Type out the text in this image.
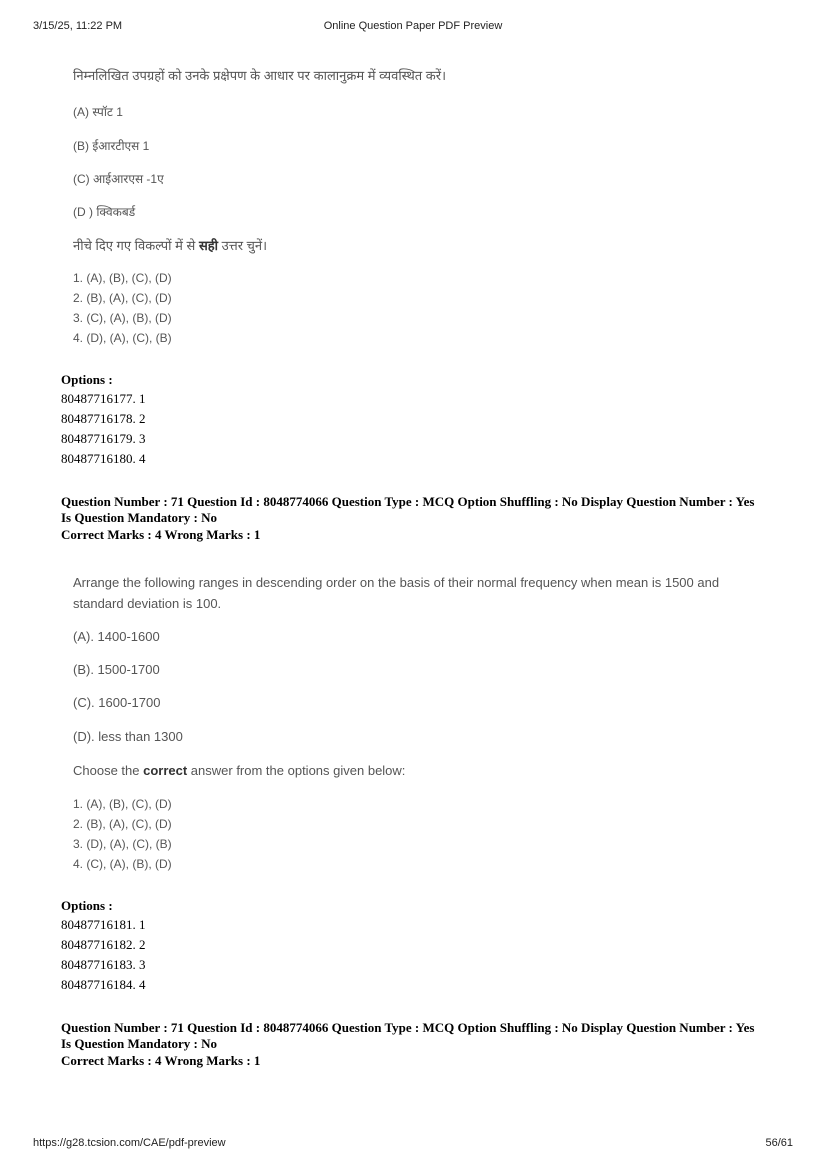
3/15/25, 11:22 PM	Online Question Paper PDF Preview
निम्नलिखित उपग्रहों को उनके प्रक्षेपण के आधार पर कालानुक्रम में व्यवस्थित करें।
(A) स्पॉट 1
(B) ईआरटीएस 1
(C) आईआरएस -1ए
(D ) क्विकबर्ड
नीचे दिए गए विकल्पों में से सही उत्तर चुनें।
1. (A), (B), (C), (D)
2. (B), (A), (C), (D)
3. (C), (A), (B), (D)
4. (D), (A), (C), (B)
Options :
80487716177. 1
80487716178. 2
80487716179. 3
80487716180. 4
Question Number : 71 Question Id : 8048774066 Question Type : MCQ Option Shuffling : No Display Question Number : Yes
Is Question Mandatory : No
Correct Marks : 4 Wrong Marks : 1
Arrange the following ranges in descending order on the basis of their normal frequency when mean is 1500 and
standard deviation is 100.
(A). 1400-1600
(B). 1500-1700
(C). 1600-1700
(D). less than 1300
Choose the correct answer from the options given below:
1. (A), (B), (C), (D)
2. (B), (A), (C), (D)
3. (D), (A), (C), (B)
4. (C), (A), (B), (D)
Options :
80487716181. 1
80487716182. 2
80487716183. 3
80487716184. 4
Question Number : 71 Question Id : 8048774066 Question Type : MCQ Option Shuffling : No Display Question Number : Yes
Is Question Mandatory : No
Correct Marks : 4 Wrong Marks : 1
https://g28.tcsion.com/CAE/pdf-preview	56/61
